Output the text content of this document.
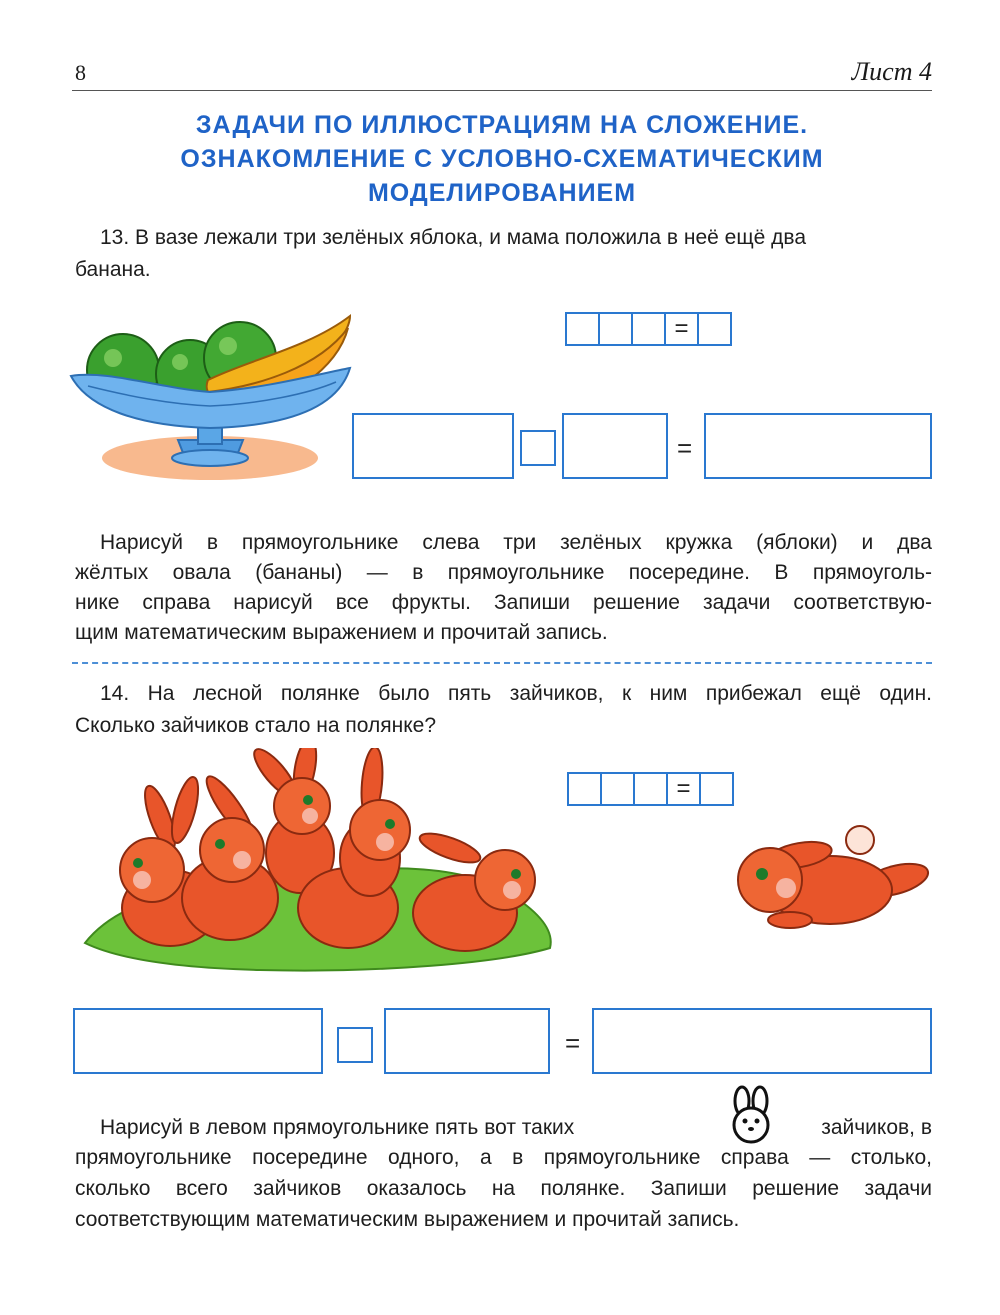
8	Лист 4
ЗАДАЧИ ПО ИЛЛЮСТРАЦИЯМ НА СЛОЖЕНИЕ.
ОЗНАКОМЛЕНИЕ С УСЛОВНО-СХЕМАТИЧЕСКИМ
МОДЕЛИРОВАНИЕМ
13. В вазе лежали три зелёных яблока, и мама положила в неё ещё два
банана.
=
=
Нарисуй в прямоугольнике слева три зелёных кружка (яблоки) и два
жёлтых овала (бананы) — в прямоугольнике посередине. В прямоуголь-
нике справа нарисуй все фрукты. Запиши решение задачи соответствую-
щим математическим выражением и прочитай запись.
14. На лесной полянке было пять зайчиков, к ним прибежал ещё один.
Сколько зайчиков стало на полянке?
=
=
Нарисуй в левом прямоугольнике пять вот таких	зайчиков, в
прямоугольнике посередине одного, а в прямоугольнике справа — столько,
сколько всего зайчиков оказалось на полянке. Запиши решение задачи
соответствующим математическим выражением и прочитай запись.
